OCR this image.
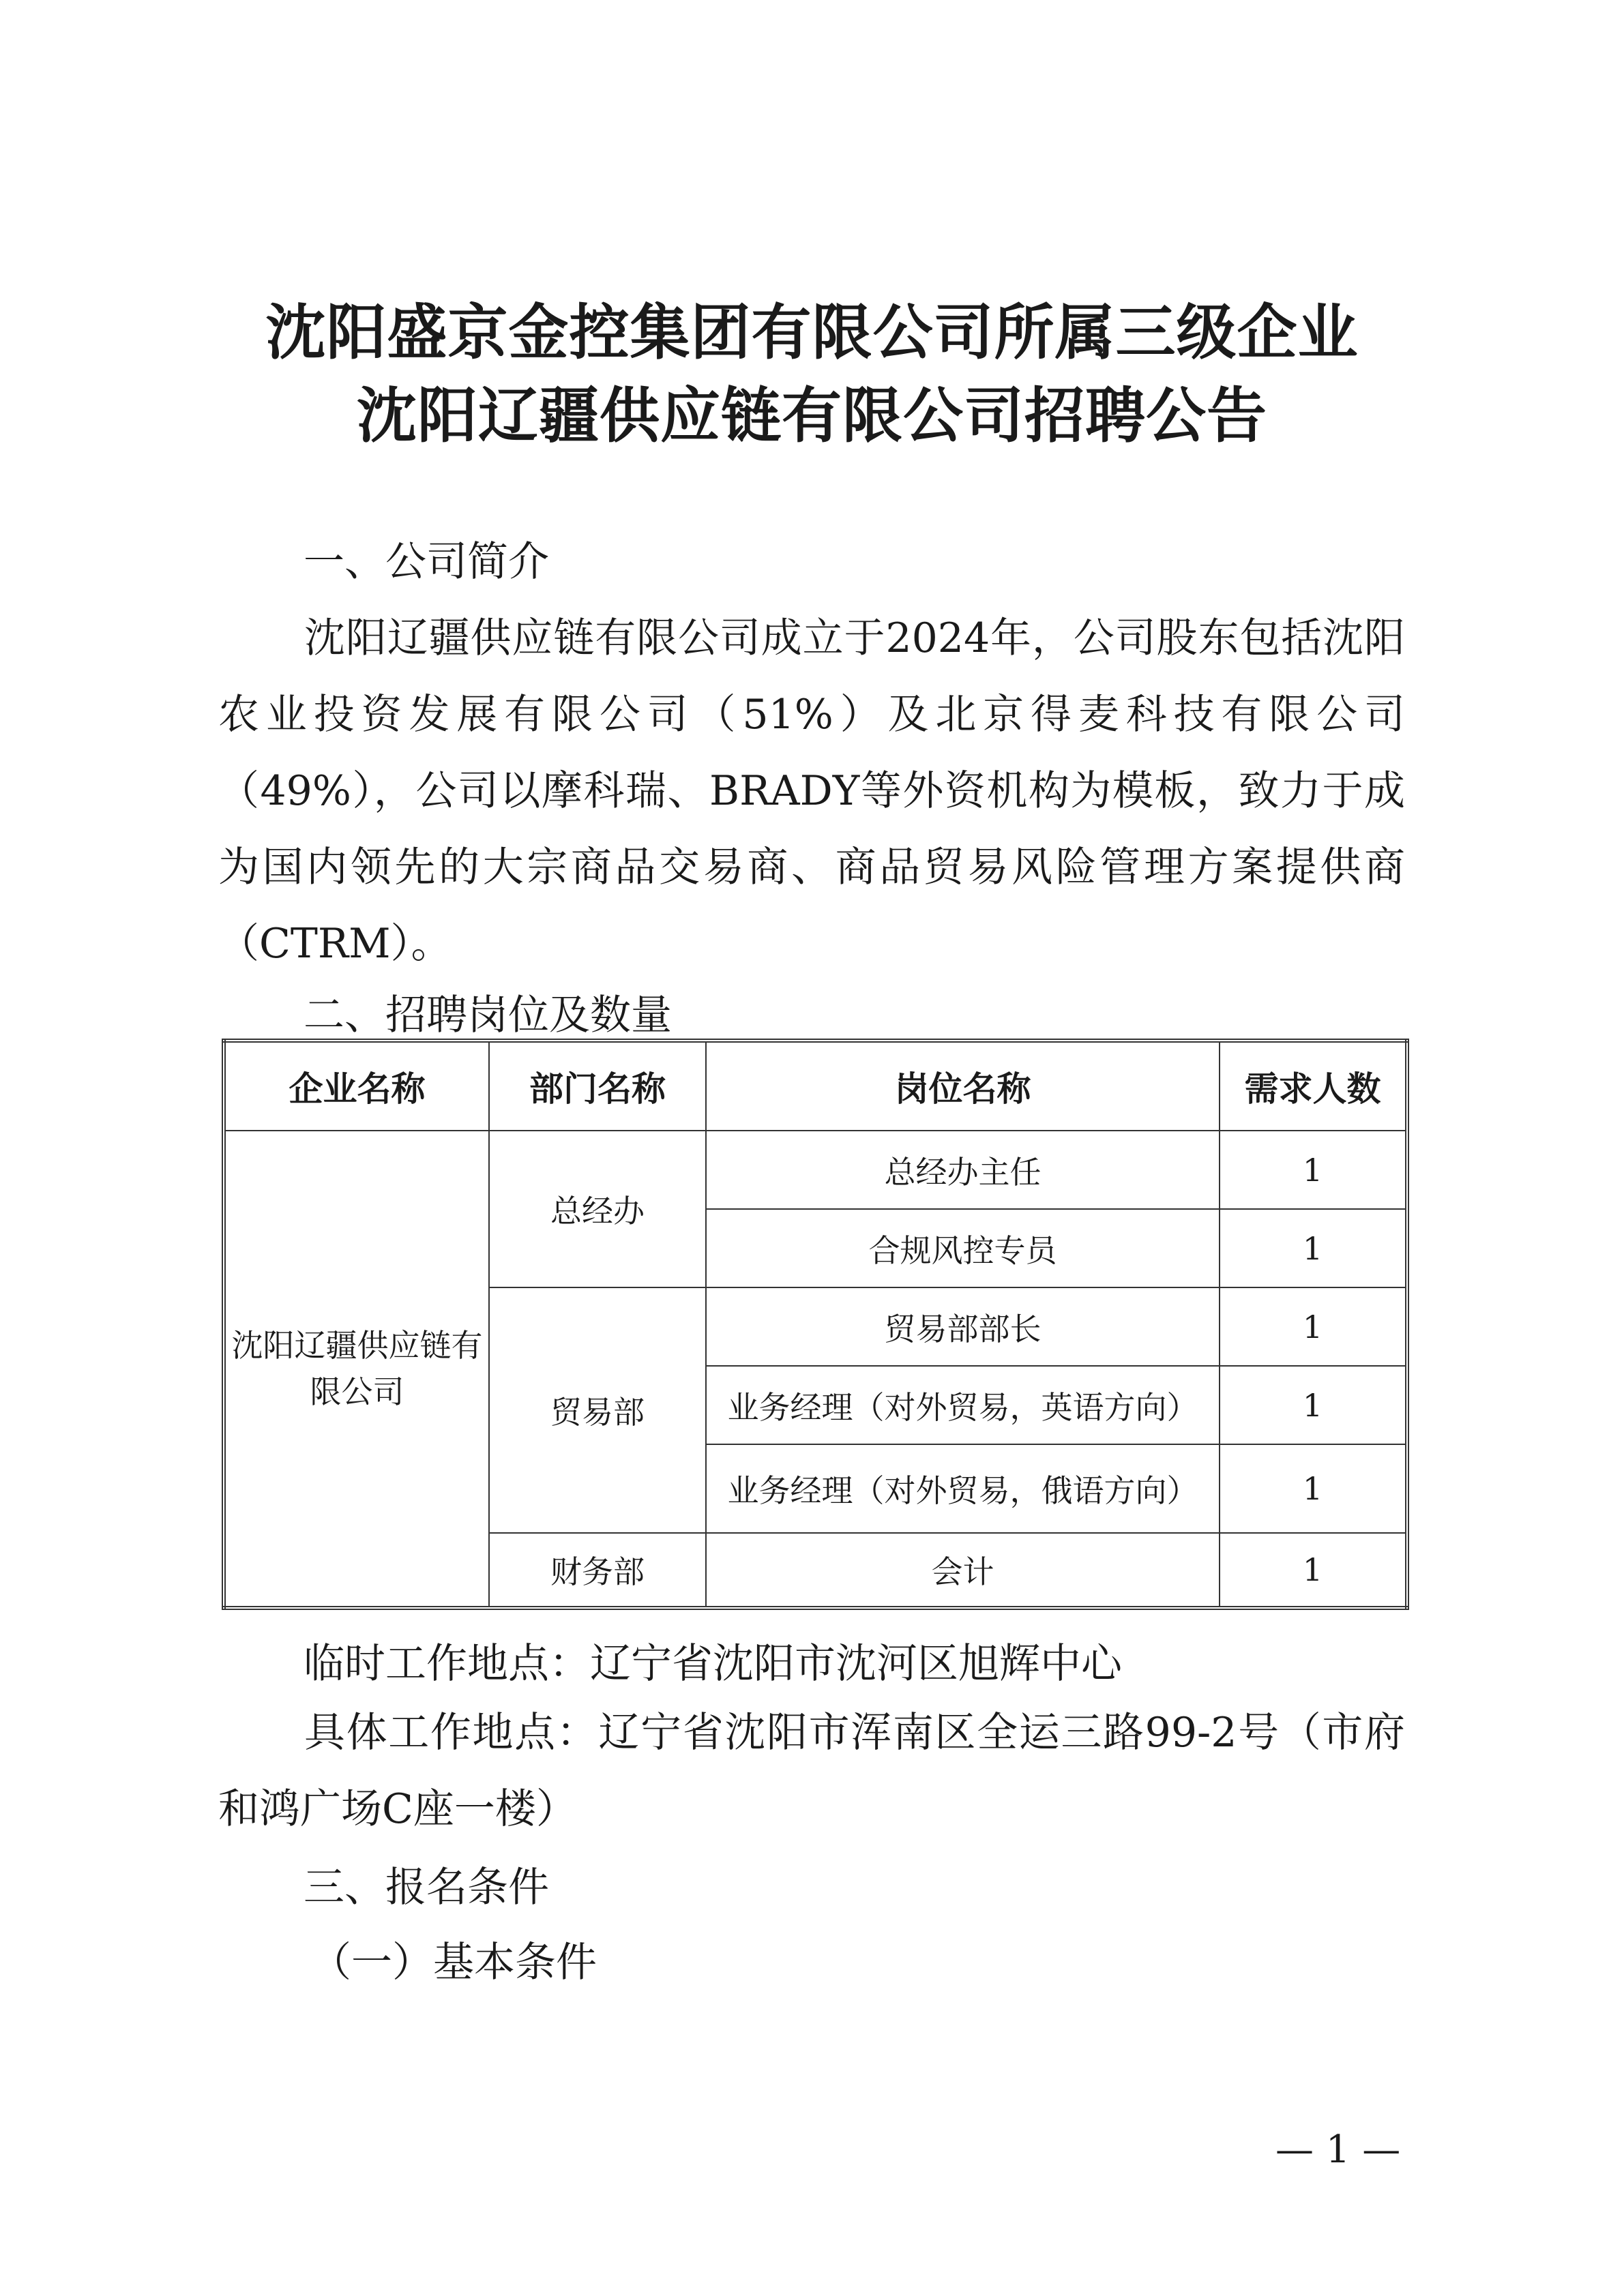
沈阳盛京金控集团有限公司所属三级企业
沈阳辽疆供应链有限公司招聘公告
一、公司简介

沈阳辽疆供应链有限公司成立于2024年，公司股东包括沈阳农业投资发展有限公司（51%）及北京得麦科技有限公司（49%），公司以摩科瑞、BRADY等外资机构为模板，致力于成为国内领先的大宗商品交易商、商品贸易风险管理方案提供商（CTRM）。

二、招聘岗位及数量
企业名称	部门名称	岗位名称	需求人数
沈阳辽疆供应链有限公司	总经办	总经办主任	1
		合规风控专员	1
	贸易部	贸易部部长	1
		业务经理（对外贸易，英语方向）	1
		业务经理（对外贸易，俄语方向）	1
	财务部	会计	1
临时工作地点：辽宁省沈阳市沈河区旭辉中心

具体工作地点：辽宁省沈阳市浑南区全运三路99-2号（市府和鸿广场C座一楼）

三、报名条件
（一）基本条件
— 1 —
